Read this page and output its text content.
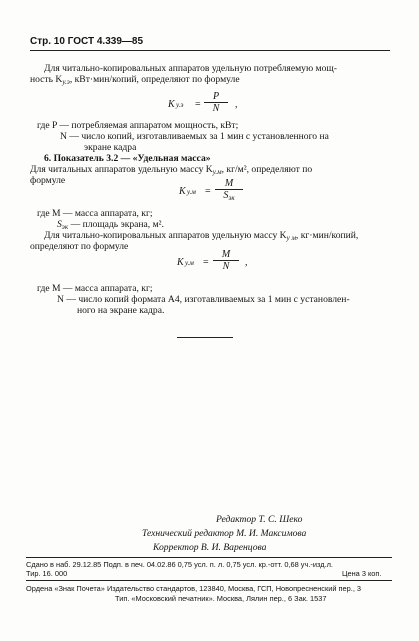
Стр. 10 ГОСТ 4.339—85
Для читально-копировальных аппаратов удельную потребляемую мощ-
ность $K_{у.э}$, кВт·мин/копий, определяют по формуле
K $у.э = \frac{P}{N}$ ,
где P — потребляемая аппаратом мощность, кВт;
N — число копий, изготавливаемых за 1 мин с установленного на
экране кадра
6. Показатель 3.2 — «Удельная масса»
Для читальных аппаратов удельную массу $K_{у.м}$, кг/м², определяют по
формуле
K у.м =
M
$S_{эк}$
где M — масса аппарата, кг;
$S_{эк}$ — площадь экрана, м².
Для читально-копировальных аппаратов удельную массу $K_{у м}$, кг·мин/копий,
определяют по формуле
K $у.м = \frac{M}{N}$ ,
где M — масса аппарата, кг;
N — число копий формата А4, изготавливаемых за 1 мин с установлен-
ного на экране кадра.
Редактор Т. С. Шеко
Технический редактор М. И. Максимова
Корректор В. И. Варенцова
Сдано в наб. 29.12.85 Подп. в печ. 04.02.86 0,75 усл. п. л. 0,75 усл. кр.-отт. 0,68 уч.-изд.л.
Тир. 16. 000	Цена 3 коп.
Ордена «Знак Почета» Издательство стандартов, 123840, Москва, ГСП, Новопресненский пер., 3
Тип. «Московский печатник». Москва, Лялин пер., 6 Зак. 1537
